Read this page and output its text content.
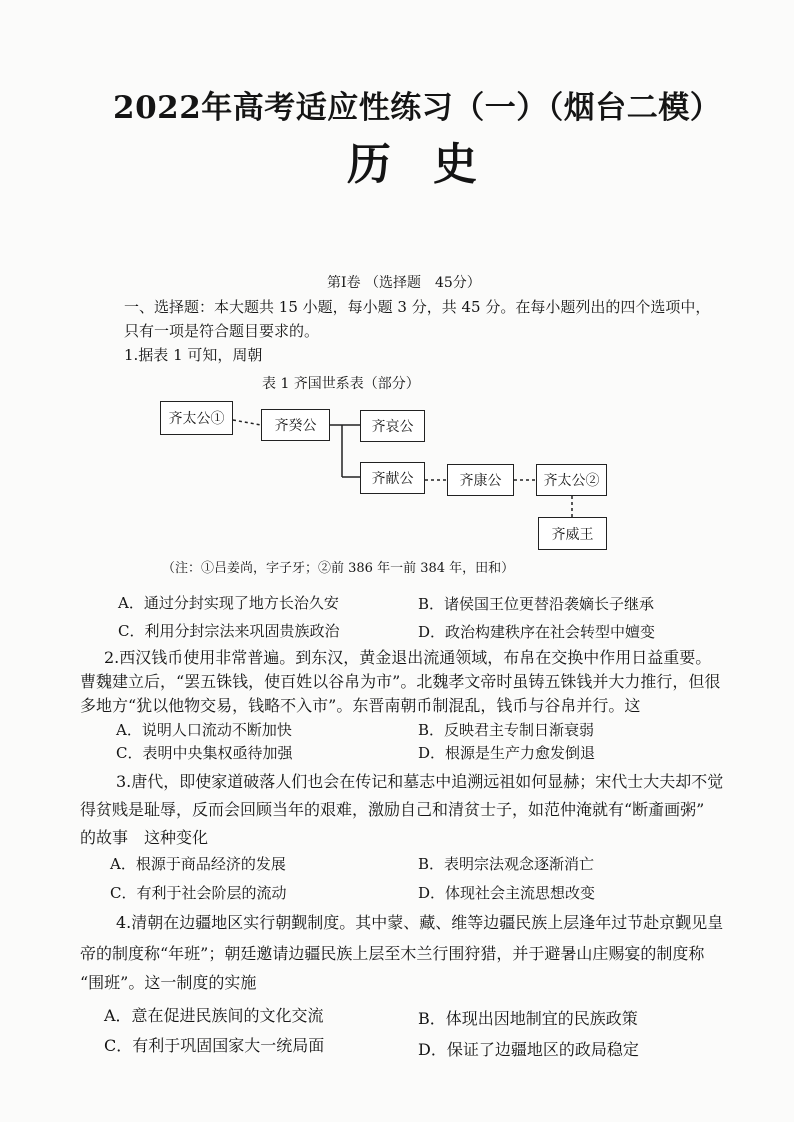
2022年高考适应性练习（一）（烟台二模）
历史
第Ⅰ卷 （选择题　45分）
一、选择题：本大题共 15 小题，每小题 3 分，共 45 分。在每小题列出的四个选项中，
只有一项是符合题目要求的。
1.据表 1 可知，周朝
表 1 齐国世系表（部分）
齐太公①	齐癸公	齐哀公
齐献公	齐康公	齐太公②
齐威王
（注：①吕姜尚，字子牙；②前 386 年一前 384 年，田和）
A．通过分封实现了地方长治久安	B．诸侯国王位更替沿袭嫡长子继承
C．利用分封宗法来巩固贵族政治	D．政治构建秩序在社会转型中嬗变
2.西汉钱币使用非常普遍。到东汉，黄金退出流通领域，布帛在交换中作用日益重要。
曹魏建立后，“罢五铢钱，使百姓以谷帛为市”。北魏孝文帝时虽铸五铢钱并大力推行，但很
多地方“犹以他物交易，钱略不入市”。东晋南朝币制混乱，钱币与谷帛并行。这
A．说明人口流动不断加快	B．反映君主专制日渐衰弱
C．表明中央集权亟待加强	D．根源是生产力愈发倒退
3.唐代，即使家道破落人们也会在传记和墓志中追溯远祖如何显赫；宋代士大夫却不觉
得贫贱是耻辱，反而会回顾当年的艰难，激励自己和清贫士子，如范仲淹就有“断齑画粥”
的故事　这种变化
A．根源于商品经济的发展	B．表明宗法观念逐渐消亡
C．有利于社会阶层的流动	D．体现社会主流思想改变
4.清朝在边疆地区实行朝觐制度。其中蒙、藏、维等边疆民族上层逢年过节赴京觐见皇
帝的制度称“年班”；朝廷邀请边疆民族上层至木兰行围狩猎，并于避暑山庄赐宴的制度称
“围班”。这一制度的实施
A．意在促进民族间的文化交流	B．体现出因地制宜的民族政策
C．有利于巩固国家大一统局面	D．保证了边疆地区的政局稳定
